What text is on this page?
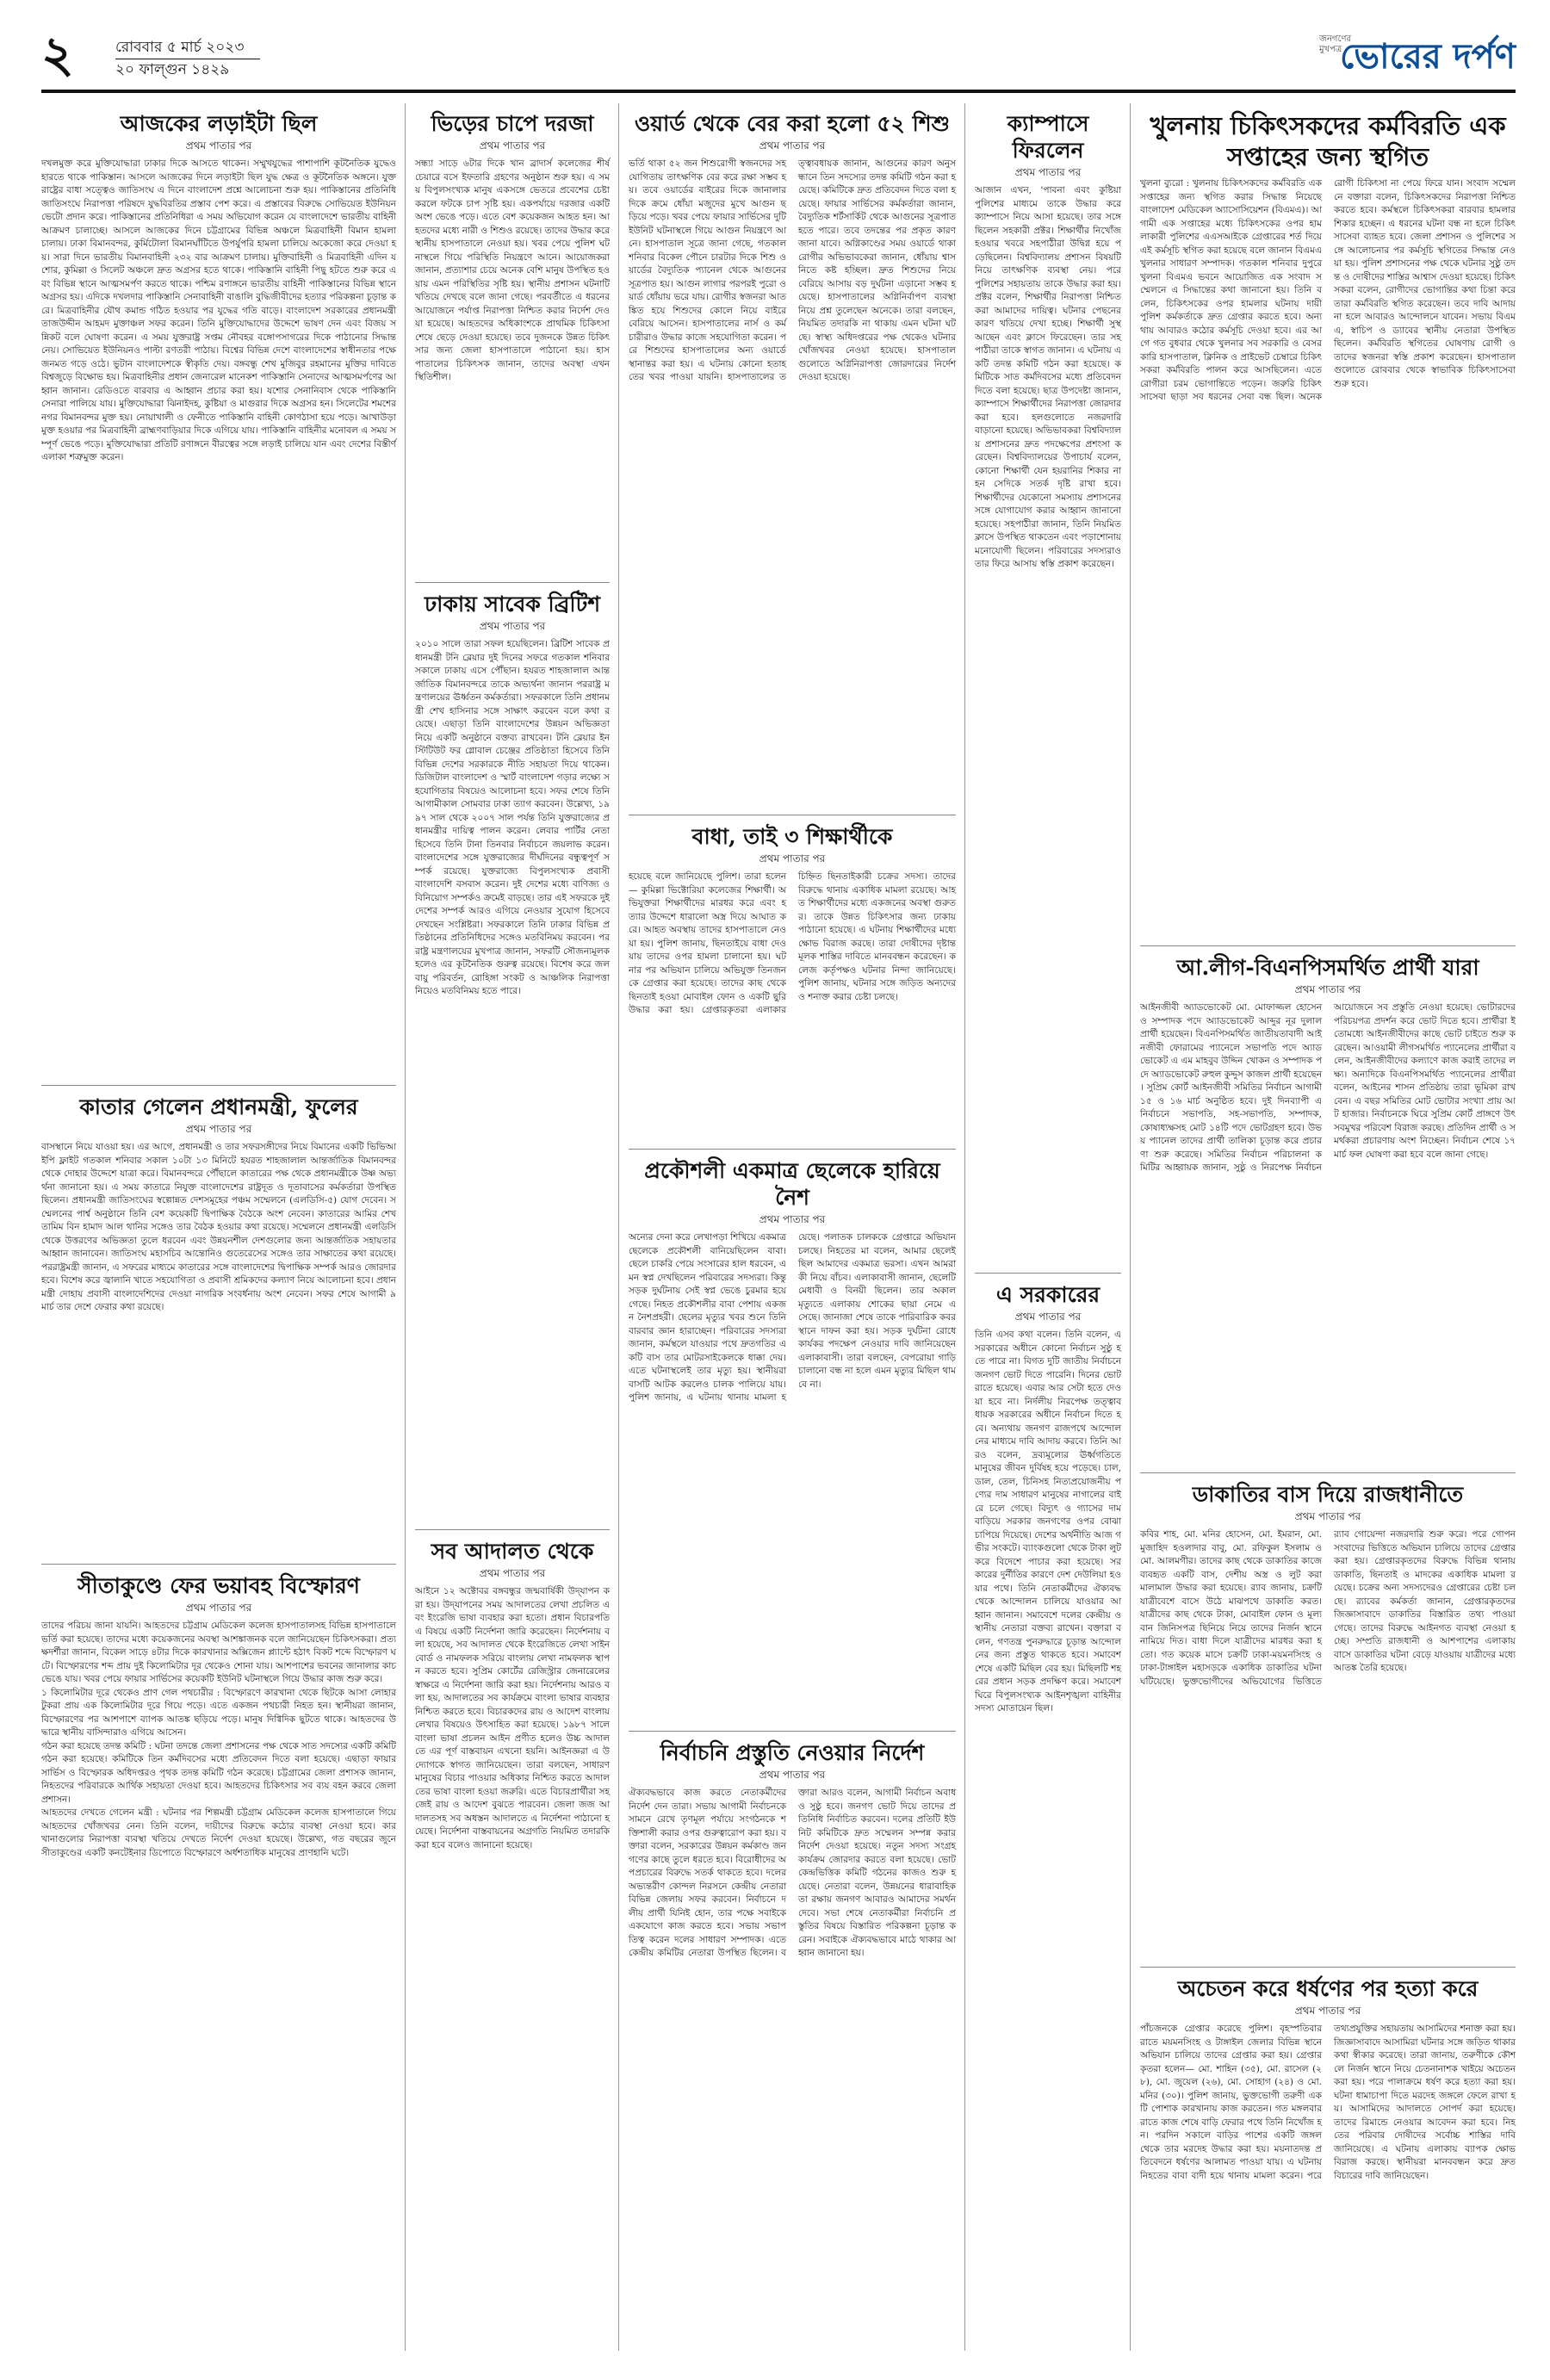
২	রোববার ৫ মার্চ ২০২৩
২০ ফাল্গুন ১৪২৯
জনগণের মুখপত্র
ভোরের দর্পণ
আজকের লড়াইটা ছিল
প্রথম পাতার পর
দখলমুক্ত করে মুক্তিযোদ্ধারা ঢাকার দিকে আসতে থাকেন। সম্মুখযুদ্ধের পাশাপাশি কূটনৈতিক যুদ্ধেও হারতে থাকে পাকিস্তান। আসলে আজকের দিনে লড়াইটা ছিল যুদ্ধ ক্ষেত্র ও কূটনৈতিক অঙ্গনে। যুক্তরাষ্ট্রের বাধা সত্ত্বেও জাতিসংঘ এ দিনে বাংলাদেশ প্রশ্নে আলোচনা শুরু হয়। পাকিস্তানের প্রতিনিধি জাতিসংঘে নিরাপত্তা পরিষদে যুদ্ধবিরতির প্রস্তাব পেশ করে। এ প্রস্তাবের বিরুদ্ধে সোভিয়েত ইউনিয়ন ভেটো প্রদান করে। পাকিস্তানের প্রতিনিধিরা এ সময় অভিযোগ করেন যে বাংলাদেশে ভারতীয় বাহিনী আক্রমণ চালাচ্ছে। আসলে আজকের দিনে চট্টগ্রামের বিভিন্ন অঞ্চলে মিত্রবাহিনী বিমান হামলা চালায়। ঢাকা বিমানবন্দর, কুর্মিটোলা বিমানঘাঁটিতে উপর্যুপরি হামলা চালিয়ে অকেজো করে দেওয়া হয়। সারা দিনে ভারতীয় বিমানবাহিনী ২৩২ বার আক্রমণ চালায়। মুক্তিবাহিনী ও মিত্রবাহিনী এদিন যশোর, কুমিল্লা ও সিলেট অঞ্চলে দ্রুত অগ্রসর হতে থাকে। পাকিস্তানি বাহিনী পিছু হটতে শুরু করে এবং বিভিন্ন স্থানে আত্মসমর্পণ করতে থাকে। পশ্চিম রণাঙ্গনে ভারতীয় বাহিনী পাকিস্তানের বিভিন্ন স্থানে অগ্রসর হয়। এদিকে দখলদার পাকিস্তানি সেনাবাহিনী বাঙালি বুদ্ধিজীবীদের হত্যার পরিকল্পনা চূড়ান্ত করে। মিত্রবাহিনীর যৌথ কমান্ড গঠিত হওয়ার পর যুদ্ধের গতি বাড়ে। বাংলাদেশ সরকারের প্রধানমন্ত্রী তাজউদ্দীন আহমদ মুক্তাঞ্চল সফর করেন। তিনি মুক্তিযোদ্ধাদের উদ্দেশে ভাষণ দেন এবং বিজয় সন্নিকট বলে ঘোষণা করেন। এ সময় যুক্তরাষ্ট্র সপ্তম নৌবহর বঙ্গোপসাগরের দিকে পাঠানোর সিদ্ধান্ত নেয়। সোভিয়েত ইউনিয়নও পাল্টা রণতরী পাঠায়। বিশ্বের বিভিন্ন দেশে বাংলাদেশের স্বাধীনতার পক্ষে জনমত গড়ে ওঠে। ভুটান বাংলাদেশকে স্বীকৃতি দেয়। বঙ্গবন্ধু শেখ মুজিবুর রহমানের মুক্তির দাবিতে বিশ্বজুড়ে বিক্ষোভ হয়। মিত্রবাহিনীর প্রধান জেনারেল মানেকশ পাকিস্তানি সেনাদের আত্মসমর্পণের আহ্বান জানান। রেডিওতে বারবার এ আহ্বান প্রচার করা হয়। যশোর সেনানিবাস থেকে পাকিস্তানি সেনারা পালিয়ে যায়। মুক্তিযোদ্ধারা ঝিনাইদহ, কুষ্টিয়া ও মাগুরার দিকে অগ্রসর হন। সিলেটের শমশেরনগর বিমানবন্দর মুক্ত হয়। নোয়াখালী ও ফেনীতে পাকিস্তানি বাহিনী কোণঠাসা হয়ে পড়ে। আখাউড়া মুক্ত হওয়ার পর মিত্রবাহিনী ব্রাহ্মণবাড়িয়ার দিকে এগিয়ে যায়। পাকিস্তানি বাহিনীর মনোবল এ সময় সম্পূর্ণ ভেঙে পড়ে। মুক্তিযোদ্ধারা প্রতিটি রণাঙ্গনে বীরত্বের সঙ্গে লড়াই চালিয়ে যান এবং দেশের বিস্তীর্ণ এলাকা শত্রুমুক্ত করেন।
কাতার গেলেন প্রধানমন্ত্রী, ফুলের
প্রথম পাতার পর
বাসস্থানে নিয়ে যাওয়া হয়। এর আগে, প্রধানমন্ত্রী ও তার সফরসঙ্গীদের নিয়ে বিমানের একটি ভিভিআইপি ফ্লাইট গতকাল শনিবার সকাল ১০টা ১৩ মিনিটে হযরত শাহজালাল আন্তর্জাতিক বিমানবন্দর থেকে দোহার উদ্দেশে যাত্রা করে। বিমানবন্দরে পৌঁছালে কাতারের পক্ষ থেকে প্রধানমন্ত্রীকে উষ্ণ অভ্যর্থনা জানানো হয়। এ সময় কাতারে নিযুক্ত বাংলাদেশের রাষ্ট্রদূত ও দূতাবাসের কর্মকর্তারা উপস্থিত ছিলেন। প্রধানমন্ত্রী জাতিসংঘের স্বল্পোন্নত দেশসমূহের পঞ্চম সম্মেলনে (এলডিসি-৫) যোগ দেবেন। সম্মেলনের পার্শ্ব অনুষ্ঠানে তিনি বেশ কয়েকটি দ্বিপাক্ষিক বৈঠকে অংশ নেবেন। কাতারের আমির শেখ তামিম বিন হামাদ আল থানির সঙ্গেও তার বৈঠক হওয়ার কথা রয়েছে। সম্মেলনে প্রধানমন্ত্রী এলডিসি থেকে উত্তরণের অভিজ্ঞতা তুলে ধরবেন এবং উন্নয়নশীল দেশগুলোর জন্য আন্তর্জাতিক সহায়তার আহ্বান জানাবেন। জাতিসংঘ মহাসচিব আন্তোনিও গুতেরেসের সঙ্গেও তার সাক্ষাতের কথা রয়েছে। পররাষ্ট্রমন্ত্রী জানান, এ সফরের মাধ্যমে কাতারের সঙ্গে বাংলাদেশের দ্বিপাক্ষিক সম্পর্ক আরও জোরদার হবে। বিশেষ করে জ্বালানি খাতে সহযোগিতা ও প্রবাসী শ্রমিকদের কল্যাণ নিয়ে আলোচনা হবে। প্রধানমন্ত্রী দোহায় প্রবাসী বাংলাদেশিদের দেওয়া নাগরিক সংবর্ধনায় অংশ নেবেন। সফর শেষে আগামী ৯ মার্চ তার দেশে ফেরার কথা রয়েছে।
সীতাকুণ্ডে ফের ভয়াবহ বিস্ফোরণ
প্রথম পাতার পর
তাদের পরিচয় জানা যায়নি। আহতদের চট্টগ্রাম মেডিকেল কলেজ হাসপাতালসহ বিভিন্ন হাসপাতালে ভর্তি করা হয়েছে। তাদের মধ্যে কয়েকজনের অবস্থা আশঙ্কাজনক বলে জানিয়েছেন চিকিৎসকরা। প্রত্যক্ষদর্শীরা জানান, বিকেল সাড়ে ৪টার দিকে কারখানার অক্সিজেন প্ল্যান্টে হঠাৎ বিকট শব্দে বিস্ফোরণ ঘটে। বিস্ফোরণের শব্দ প্রায় দুই কিলোমিটার দূর থেকেও শোনা যায়। আশপাশের ভবনের জানালার কাচ ভেঙে যায়। খবর পেয়ে ফায়ার সার্ভিসের কয়েকটি ইউনিট ঘটনাস্থলে গিয়ে উদ্ধার কাজ শুরু করে।
১ কিলোমিটার দূরে থেকেও প্রাণ গেল পথচারীর : বিস্ফোরণে কারখানা থেকে ছিটকে আসা লোহার টুকরা প্রায় এক কিলোমিটার দূরে গিয়ে পড়ে। এতে একজন পথচারী নিহত হন। স্থানীয়রা জানান, বিস্ফোরণের পর আশপাশে ব্যাপক আতঙ্ক ছড়িয়ে পড়ে। মানুষ দিগ্বিদিক ছুটতে থাকে। আহতদের উদ্ধারে স্থানীয় বাসিন্দারাও এগিয়ে আসেন।
গঠন করা হয়েছে তদন্ত কমিটি : ঘটনা তদন্তে জেলা প্রশাসনের পক্ষ থেকে সাত সদস্যের একটি কমিটি গঠন করা হয়েছে। কমিটিকে তিন কর্মদিবসের মধ্যে প্রতিবেদন দিতে বলা হয়েছে। এছাড়া ফায়ার সার্ভিস ও বিস্ফোরক অধিদপ্তরও পৃথক তদন্ত কমিটি গঠন করেছে। চট্টগ্রামের জেলা প্রশাসক জানান, নিহতদের পরিবারকে আর্থিক সহায়তা দেওয়া হবে। আহতদের চিকিৎসার সব ব্যয় বহন করবে জেলা প্রশাসন।
আহতদের দেখতে গেলেন মন্ত্রী : ঘটনার পর শিল্পমন্ত্রী চট্টগ্রাম মেডিকেল কলেজ হাসপাতালে গিয়ে আহতদের খোঁজখবর নেন। তিনি বলেন, দায়ীদের বিরুদ্ধে কঠোর ব্যবস্থা নেওয়া হবে। কারখানাগুলোর নিরাপত্তা ব্যবস্থা খতিয়ে দেখতে নির্দেশ দেওয়া হয়েছে। উল্লেখ্য, গত বছরের জুনে সীতাকুণ্ডের একটি কনটেইনার ডিপোতে বিস্ফোরণে অর্ধশতাধিক মানুষের প্রাণহানি ঘটে।
ভিড়ের চাপে দরজা
প্রথম পাতার পর
সন্ধ্যা সাড়ে ৬টার দিকে খান ব্রাদার্স কলেজের শীর্ষচেয়ারে বসে ইফতারি গ্রহণের অনুষ্ঠান শুরু হয়। এ সময় বিপুলসংখ্যক মানুষ একসঙ্গে ভেতরে প্রবেশের চেষ্টা করলে ফটকে চাপ সৃষ্টি হয়। একপর্যায়ে দরজার একটি অংশ ভেঙে পড়ে। এতে বেশ কয়েকজন আহত হন। আহতদের মধ্যে নারী ও শিশুও রয়েছে। তাদের উদ্ধার করে স্থানীয় হাসপাতালে নেওয়া হয়। খবর পেয়ে পুলিশ ঘটনাস্থলে গিয়ে পরিস্থিতি নিয়ন্ত্রণে আনে। আয়োজকরা জানান, প্রত্যাশার চেয়ে অনেক বেশি মানুষ উপস্থিত হওয়ায় এমন পরিস্থিতির সৃষ্টি হয়। স্থানীয় প্রশাসন ঘটনাটি খতিয়ে দেখছে বলে জানা গেছে। পরবর্তীতে এ ধরনের আয়োজনে পর্যাপ্ত নিরাপত্তা নিশ্চিত করার নির্দেশ দেওয়া হয়েছে। আহতদের অধিকাংশকে প্রাথমিক চিকিৎসা শেষে ছেড়ে দেওয়া হয়েছে। তবে দুজনকে উন্নত চিকিৎসার জন্য জেলা হাসপাতালে পাঠানো হয়। হাসপাতালের চিকিৎসক জানান, তাদের অবস্থা এখন স্থিতিশীল।
ঢাকায় সাবেক ব্রিটিশ
প্রথম পাতার পর
২০১০ সালে তারা সফল হয়েছিলেন। ব্রিটিশ সাবেক প্রধানমন্ত্রী টনি ব্লেয়ার দুই দিনের সফরে গতকাল শনিবার সকালে ঢাকায় এসে পৌঁছান। হযরত শাহজালাল আন্তর্জাতিক বিমানবন্দরে তাকে অভ্যর্থনা জানান পররাষ্ট্র মন্ত্রণালয়ের ঊর্ধ্বতন কর্মকর্তারা। সফরকালে তিনি প্রধানমন্ত্রী শেখ হাসিনার সঙ্গে সাক্ষাৎ করবেন বলে কথা রয়েছে। এছাড়া তিনি বাংলাদেশের উন্নয়ন অভিজ্ঞতা নিয়ে একটি অনুষ্ঠানে বক্তব্য রাখবেন। টনি ব্লেয়ার ইনস্টিটিউট ফর গ্লোবাল চেঞ্জের প্রতিষ্ঠাতা হিসেবে তিনি বিভিন্ন দেশের সরকারকে নীতি সহায়তা দিয়ে থাকেন। ডিজিটাল বাংলাদেশ ও স্মার্ট বাংলাদেশ গড়ার লক্ষ্যে সহযোগিতার বিষয়েও আলোচনা হবে। সফর শেষে তিনি আগামীকাল সোমবার ঢাকা ত্যাগ করবেন। উল্লেখ্য, ১৯৯৭ সাল থেকে ২০০৭ সাল পর্যন্ত তিনি যুক্তরাজ্যের প্রধানমন্ত্রীর দায়িত্ব পালন করেন। লেবার পার্টির নেতা হিসেবে তিনি টানা তিনবার নির্বাচনে জয়লাভ করেন। বাংলাদেশের সঙ্গে যুক্তরাজ্যের দীর্ঘদিনের বন্ধুত্বপূর্ণ সম্পর্ক রয়েছে। যুক্তরাজ্যে বিপুলসংখ্যক প্রবাসী বাংলাদেশি বসবাস করেন। দুই দেশের মধ্যে বাণিজ্য ও বিনিয়োগ সম্পর্কও ক্রমেই বাড়ছে। তার এই সফরকে দুই দেশের সম্পর্ক আরও এগিয়ে নেওয়ার সুযোগ হিসেবে দেখছেন সংশ্লিষ্টরা। সফরকালে তিনি ঢাকার বিভিন্ন প্রতিষ্ঠানের প্রতিনিধিদের সঙ্গেও মতবিনিময় করবেন। পররাষ্ট্র মন্ত্রণালয়ের মুখপাত্র জানান, সফরটি সৌজন্যমূলক হলেও এর কূটনৈতিক গুরুত্ব রয়েছে। বিশেষ করে জলবায়ু পরিবর্তন, রোহিঙ্গা সংকট ও আঞ্চলিক নিরাপত্তা নিয়েও মতবিনিময় হতে পারে।
সব আদালত থেকে
প্রথম পাতার পর
আইনে ১২ অক্টোবর বঙ্গবন্ধুর জন্মবার্ষিকী উদ্‌যাপন করা হয়। উদ্‌যাপনের সময় আদালতের লেখা প্রচলিত এবং ইংরেজি ভাষা ব্যবহার করা হতো। প্রধান বিচারপতি এ বিষয়ে একটি নির্দেশনা জারি করেছেন। নির্দেশনায় বলা হয়েছে, সব আদালত থেকে ইংরেজিতে লেখা সাইনবোর্ড ও নামফলক সরিয়ে বাংলায় লেখা নামফলক স্থাপন করতে হবে। সুপ্রিম কোর্টের রেজিস্ট্রার জেনারেলের স্বাক্ষরে এ নির্দেশনা জারি করা হয়। নির্দেশনায় আরও বলা হয়, আদালতের সব কার্যক্রমে বাংলা ভাষার ব্যবহার নিশ্চিত করতে হবে। বিচারকদের রায় ও আদেশ বাংলায় লেখার বিষয়েও উৎসাহিত করা হয়েছে। ১৯৮৭ সালে বাংলা ভাষা প্রচলন আইন প্রণীত হলেও উচ্চ আদালতে এর পূর্ণ বাস্তবায়ন এখনো হয়নি। আইনজ্ঞরা এ উদ্যোগকে স্বাগত জানিয়েছেন। তারা বলছেন, সাধারণ মানুষের বিচার পাওয়ার অধিকার নিশ্চিত করতে আদালতের ভাষা বাংলা হওয়া জরুরি। এতে বিচারপ্রার্থীরা সহজেই রায় ও আদেশ বুঝতে পারবেন। জেলা জজ আদালতসহ সব অধস্তন আদালতে এ নির্দেশনা পাঠানো হয়েছে। নির্দেশনা বাস্তবায়নের অগ্রগতি নিয়মিত তদারকি করা হবে বলেও জানানো হয়েছে।
ওয়ার্ড থেকে বের করা হলো ৫২ শিশু
প্রথম পাতার পর
ভর্তি থাকা ৫২ জন শিশুরোগী স্বজনদের সহযোগিতায় তাৎক্ষণিক বের করে রক্ষা সম্ভব হয়। তবে ওয়ার্ডের বাইরের দিকে জানালার দিকে ক্রমে ধোঁয়া মজুদের মুখে আগুন ছড়িয়ে পড়ে। খবর পেয়ে ফায়ার সার্ভিসের দুটি ইউনিট ঘটনাস্থলে গিয়ে আগুন নিয়ন্ত্রণে আনে। হাসপাতাল সূত্রে জানা গেছে, গতকাল শনিবার বিকেল পৌনে চারটার দিকে শিশু ওয়ার্ডের বৈদ্যুতিক প্যানেল থেকে আগুনের সূত্রপাত হয়। আগুন লাগার পরপরই পুরো ওয়ার্ড ধোঁয়ায় ভরে যায়। রোগীর স্বজনরা আতঙ্কিত হয়ে শিশুদের কোলে নিয়ে বাইরে বেরিয়ে আসেন। হাসপাতালের নার্স ও কর্মচারীরাও উদ্ধার কাজে সহযোগিতা করেন। পরে শিশুদের হাসপাতালের অন্য ওয়ার্ডে স্থানান্তর করা হয়। এ ঘটনায় কোনো হতাহতের খবর পাওয়া যায়নি। হাসপাতালের তত্ত্বাবধায়ক জানান, আগুনের কারণ অনুসন্ধানে তিন সদস্যের তদন্ত কমিটি গঠন করা হয়েছে। কমিটিকে দ্রুত প্রতিবেদন দিতে বলা হয়েছে। ফায়ার সার্ভিসের কর্মকর্তারা জানান, বৈদ্যুতিক শর্টসার্কিট থেকে আগুনের সূত্রপাত হতে পারে। তবে তদন্তের পর প্রকৃত কারণ জানা যাবে। অগ্নিকাণ্ডের সময় ওয়ার্ডে থাকা রোগীর অভিভাবকেরা জানান, ধোঁয়ায় শ্বাস নিতে কষ্ট হচ্ছিল। দ্রুত শিশুদের নিয়ে বেরিয়ে আসায় বড় দুর্ঘটনা এড়ানো সম্ভব হয়েছে। হাসপাতালের অগ্নিনির্বাপণ ব্যবস্থা নিয়ে প্রশ্ন তুলেছেন অনেকে। তারা বলছেন, নিয়মিত তদারকি না থাকায় এমন ঘটনা ঘটছে। স্বাস্থ্য অধিদপ্তরের পক্ষ থেকেও ঘটনার খোঁজখবর নেওয়া হয়েছে। হাসপাতালগুলোতে অগ্নিনিরাপত্তা জোরদারের নির্দেশ দেওয়া হয়েছে।
বাধা, তাই ৩ শিক্ষার্থীকে
প্রথম পাতার পর
হয়েছে বলে জানিয়েছে পুলিশ। তারা হলেন— কুমিল্লা ভিক্টোরিয়া কলেজের শিক্ষার্থী। অভিযুক্তরা শিক্ষার্থীদের মারধর করে এবং হত্যার উদ্দেশে ধারালো অস্ত্র দিয়ে আঘাত করে। আহত অবস্থায় তাদের হাসপাতালে নেওয়া হয়। পুলিশ জানায়, ছিনতাইয়ে বাধা দেওয়ায় তাদের ওপর হামলা চালানো হয়। ঘটনার পর অভিযান চালিয়ে অভিযুক্ত তিনজনকে গ্রেপ্তার করা হয়েছে। তাদের কাছ থেকে ছিনতাই হওয়া মোবাইল ফোন ও একটি ছুরি উদ্ধার করা হয়। গ্রেপ্তারকৃতরা এলাকার চিহ্নিত ছিনতাইকারী চক্রের সদস্য। তাদের বিরুদ্ধে থানায় একাধিক মামলা রয়েছে। আহত শিক্ষার্থীদের মধ্যে একজনের অবস্থা গুরুতর। তাকে উন্নত চিকিৎসার জন্য ঢাকায় পাঠানো হয়েছে। এ ঘটনায় শিক্ষার্থীদের মধ্যে ক্ষোভ বিরাজ করছে। তারা দোষীদের দৃষ্টান্তমূলক শাস্তির দাবিতে মানববন্ধন করেছেন। কলেজ কর্তৃপক্ষও ঘটনার নিন্দা জানিয়েছে। পুলিশ জানায়, ঘটনার সঙ্গে জড়িত অন্যদেরও শনাক্ত করার চেষ্টা চলছে।
প্রকৌশলী একমাত্র ছেলেকে হারিয়ে নৈশ
প্রথম পাতার পর
অন্যের দেনা করে লেখাপড়া শিখিয়ে একমাত্র ছেলেকে প্রকৌশলী বানিয়েছিলেন বাবা। ছেলে চাকরি পেয়ে সংসারের হাল ধরবেন, এমন স্বপ্ন দেখছিলেন পরিবারের সদস্যরা। কিন্তু সড়ক দুর্ঘটনায় সেই স্বপ্ন ভেঙে চুরমার হয়ে গেছে। নিহত প্রকৌশলীর বাবা পেশায় একজন নৈশপ্রহরী। ছেলের মৃত্যুর খবর শুনে তিনি বারবার জ্ঞান হারাচ্ছেন। পরিবারের সদস্যরা জানান, কর্মস্থলে যাওয়ার পথে দ্রুতগতির একটি বাস তার মোটরসাইকেলকে ধাক্কা দেয়। এতে ঘটনাস্থলেই তার মৃত্যু হয়। স্থানীয়রা বাসটি আটক করলেও চালক পালিয়ে যায়। পুলিশ জানায়, এ ঘটনায় থানায় মামলা হয়েছে। পলাতক চালককে গ্রেপ্তারে অভিযান চলছে। নিহতের মা বলেন, আমার ছেলেই ছিল আমাদের একমাত্র ভরসা। এখন আমরা কী নিয়ে বাঁচব। এলাকাবাসী জানান, ছেলেটি মেধাবী ও বিনয়ী ছিলেন। তার অকাল মৃত্যুতে এলাকায় শোকের ছায়া নেমে এসেছে। জানাজা শেষে তাকে পারিবারিক কবরস্থানে দাফন করা হয়। সড়ক দুর্ঘটনা রোধে কার্যকর পদক্ষেপ নেওয়ার দাবি জানিয়েছেন এলাকাবাসী। তারা বলছেন, বেপরোয়া গাড়ি চালানো বন্ধ না হলে এমন মৃত্যুর মিছিল থামবে না।
নির্বাচনি প্রস্তুতি নেওয়ার নির্দেশ
প্রথম পাতার পর
ঐক্যবদ্ধভাবে কাজ করতে নেতাকর্মীদের নির্দেশ দেন তারা। সভায় আগামী নির্বাচনকে সামনে রেখে তৃণমূল পর্যায়ে সংগঠনকে শক্তিশালী করার ওপর গুরুত্বারোপ করা হয়। বক্তারা বলেন, সরকারের উন্নয়ন কর্মকাণ্ড জনগণের কাছে তুলে ধরতে হবে। বিরোধীদের অপপ্রচারের বিরুদ্ধে সতর্ক থাকতে হবে। দলের অভ্যন্তরীণ কোন্দল নিরসনে কেন্দ্রীয় নেতারা বিভিন্ন জেলায় সফর করবেন। নির্বাচনে দলীয় প্রার্থী যিনিই হোন, তার পক্ষে সবাইকে একযোগে কাজ করতে হবে। সভায় সভাপতিত্ব করেন দলের সাধারণ সম্পাদক। এতে কেন্দ্রীয় কমিটির নেতারা উপস্থিত ছিলেন। বক্তারা আরও বলেন, আগামী নির্বাচন অবাধ ও সুষ্ঠু হবে। জনগণ ভোট দিয়ে তাদের প্রতিনিধি নির্বাচিত করবেন। দলের প্রতিটি ইউনিট কমিটিকে দ্রুত সম্মেলন সম্পন্ন করার নির্দেশ দেওয়া হয়েছে। নতুন সদস্য সংগ্রহ কার্যক্রম জোরদার করতে বলা হয়েছে। ভোটকেন্দ্রভিত্তিক কমিটি গঠনের কাজও শুরু হয়েছে। নেতারা বলেন, উন্নয়নের ধারাবাহিকতা রক্ষায় জনগণ আবারও আমাদের সমর্থন দেবে। সভা শেষে নেতাকর্মীরা নির্বাচনি প্রস্তুতির বিষয়ে বিস্তারিত পরিকল্পনা চূড়ান্ত করেন। সবাইকে ঐক্যবদ্ধভাবে মাঠে থাকার আহ্বান জানানো হয়।
ক্যাম্পাসে ফিরলেন
প্রথম পাতার পর
আজান এখন, 'পাবনা এবং কুষ্টিয়া পুলিশের মাধ্যমে তাকে উদ্ধার করে ক্যাম্পাসে নিয়ে আসা হয়েছে। তার সঙ্গে ছিলেন সহকারী প্রক্টর। শিক্ষার্থীর নিখোঁজ হওয়ার খবরে সহপাঠীরা উদ্বিগ্ন হয়ে পড়েছিলেন। বিশ্ববিদ্যালয় প্রশাসন বিষয়টি নিয়ে তাৎক্ষণিক ব্যবস্থা নেয়। পরে পুলিশের সহায়তায় তাকে উদ্ধার করা হয়। প্রক্টর বলেন, শিক্ষার্থীর নিরাপত্তা নিশ্চিত করা আমাদের দায়িত্ব। ঘটনার পেছনের কারণ খতিয়ে দেখা হচ্ছে। শিক্ষার্থী সুস্থ আছেন এবং ক্লাসে ফিরেছেন। তার সহপাঠীরা তাকে স্বাগত জানান। এ ঘটনায় একটি তদন্ত কমিটি গঠন করা হয়েছে। কমিটিকে সাত কর্মদিবসের মধ্যে প্রতিবেদন দিতে বলা হয়েছে। ছাত্র উপদেষ্টা জানান, ক্যাম্পাসে শিক্ষার্থীদের নিরাপত্তা জোরদার করা হবে। হলগুলোতে নজরদারি বাড়ানো হয়েছে। অভিভাবকরা বিশ্ববিদ্যালয় প্রশাসনের দ্রুত পদক্ষেপের প্রশংসা করেছেন। বিশ্ববিদ্যালয়ের উপাচার্য বলেন, কোনো শিক্ষার্থী যেন হয়রানির শিকার না হন সেদিকে সতর্ক দৃষ্টি রাখা হবে। শিক্ষার্থীদের যেকোনো সমস্যায় প্রশাসনের সঙ্গে যোগাযোগ করার আহ্বান জানানো হয়েছে। সহপাঠীরা জানান, তিনি নিয়মিত ক্লাসে উপস্থিত থাকতেন এবং পড়াশোনায় মনোযোগী ছিলেন। পরিবারের সদস্যরাও তার ফিরে আসায় স্বস্তি প্রকাশ করেছেন।
এ সরকারের
প্রথম পাতার পর
তিনি এসব কথা বলেন। তিনি বলেন, এ সরকারের অধীনে কোনো নির্বাচন সুষ্ঠু হতে পারে না। বিগত দুটি জাতীয় নির্বাচনে জনগণ ভোট দিতে পারেনি। দিনের ভোট রাতে হয়েছে। এবার আর সেটা হতে দেওয়া হবে না। নির্দলীয় নিরপেক্ষ তত্ত্বাবধায়ক সরকারের অধীনে নির্বাচন দিতে হবে। অন্যথায় জনগণ রাজপথে আন্দোলনের মাধ্যমে দাবি আদায় করবে। তিনি আরও বলেন, দ্রব্যমূল্যের ঊর্ধ্বগতিতে মানুষের জীবন দুর্বিষহ হয়ে পড়েছে। চাল, ডাল, তেল, চিনিসহ নিত্যপ্রয়োজনীয় পণ্যের দাম সাধারণ মানুষের নাগালের বাইরে চলে গেছে। বিদ্যুৎ ও গ্যাসের দাম বাড়িয়ে সরকার জনগণের ওপর বোঝা চাপিয়ে দিয়েছে। দেশের অর্থনীতি আজ গভীর সংকটে। ব্যাংকগুলো থেকে টাকা লুট করে বিদেশে পাচার করা হয়েছে। সরকারের দুর্নীতির কারণে দেশ দেউলিয়া হওয়ার পথে। তিনি নেতাকর্মীদের ঐক্যবদ্ধ থেকে আন্দোলন চালিয়ে যাওয়ার আহ্বান জানান। সমাবেশে দলের কেন্দ্রীয় ও স্থানীয় নেতারা বক্তব্য রাখেন। বক্তারা বলেন, গণতন্ত্র পুনরুদ্ধারে চূড়ান্ত আন্দোলনের জন্য প্রস্তুত থাকতে হবে। সমাবেশ শেষে একটি মিছিল বের হয়। মিছিলটি শহরের প্রধান সড়ক প্রদক্ষিণ করে। সমাবেশ ঘিরে বিপুলসংখ্যক আইনশৃঙ্খলা বাহিনীর সদস্য মোতায়েন ছিল।
খুলনায় চিকিৎসকদের কর্মবিরতি এক সপ্তাহের জন্য স্থগিত
খুলনা ব্যুরো : খুলনায় চিকিৎসকদের কর্মবিরতি এক সপ্তাহের জন্য স্থগিত করার সিদ্ধান্ত নিয়েছে বাংলাদেশ মেডিকেল অ্যাসোসিয়েশন (বিএমএ)। আগামী এক সপ্তাহের মধ্যে চিকিৎসকের ওপর হামলাকারী পুলিশের এএসআইকে গ্রেপ্তারের শর্ত দিয়ে এই কর্মসূচি স্থগিত করা হয়েছে বলে জানান বিএমএ খুলনার সাধারণ সম্পাদক। গতকাল শনিবার দুপুরে খুলনা বিএমএ ভবনে আয়োজিত এক সংবাদ সম্মেলনে এ সিদ্ধান্তের কথা জানানো হয়। তিনি বলেন, চিকিৎসকের ওপর হামলার ঘটনায় দায়ী পুলিশ কর্মকর্তাকে দ্রুত গ্রেপ্তার করতে হবে। অন্যথায় আবারও কঠোর কর্মসূচি দেওয়া হবে। এর আগে গত বুধবার থেকে খুলনার সব সরকারি ও বেসরকারি হাসপাতাল, ক্লিনিক ও প্রাইভেট চেম্বারে চিকিৎসকরা কর্মবিরতি পালন করে আসছিলেন। এতে রোগীরা চরম ভোগান্তিতে পড়েন। জরুরি চিকিৎসাসেবা ছাড়া সব ধরনের সেবা বন্ধ ছিল। অনেক রোগী চিকিৎসা না পেয়ে ফিরে যান। সংবাদ সম্মেলনে বক্তারা বলেন, চিকিৎসকদের নিরাপত্তা নিশ্চিত করতে হবে। কর্মস্থলে চিকিৎসকরা বারবার হামলার শিকার হচ্ছেন। এ ধরনের ঘটনা বন্ধ না হলে চিকিৎসাসেবা ব্যাহত হবে। জেলা প্রশাসন ও পুলিশের সঙ্গে আলোচনার পর কর্মসূচি স্থগিতের সিদ্ধান্ত নেওয়া হয়। পুলিশ প্রশাসনের পক্ষ থেকে ঘটনার সুষ্ঠু তদন্ত ও দোষীদের শাস্তির আশ্বাস দেওয়া হয়েছে। চিকিৎসকরা বলেন, রোগীদের ভোগান্তির কথা চিন্তা করে তারা কর্মবিরতি স্থগিত করেছেন। তবে দাবি আদায় না হলে আবারও আন্দোলনে যাবেন। সভায় বিএমএ, স্বাচিপ ও ড্যাবের স্থানীয় নেতারা উপস্থিত ছিলেন। কর্মবিরতি স্থগিতের ঘোষণায় রোগী ও তাদের স্বজনরা স্বস্তি প্রকাশ করেছেন। হাসপাতালগুলোতে রোববার থেকে স্বাভাবিক চিকিৎসাসেবা শুরু হবে।
আ.লীগ-বিএনপিসমর্থিত প্রার্থী যারা
প্রথম পাতার পর
আইনজীবী অ্যাডভোকেট মো. মোফাজ্জল হোসেন ও সম্পাদক পদে অ্যাডভোকেট আব্দুর নূর দুলাল প্রার্থী হয়েছেন। বিএনপিসমর্থিত জাতীয়তাবাদী আইনজীবী ফোরামের প্যানেলে সভাপতি পদে অ্যাডভোকেট এ এম মাহবুব উদ্দিন খোকন ও সম্পাদক পদে অ্যাডভোকেট রুহুল কুদ্দুস কাজল প্রার্থী হয়েছেন। সুপ্রিম কোর্ট আইনজীবী সমিতির নির্বাচন আগামী ১৫ ও ১৬ মার্চ অনুষ্ঠিত হবে। দুই দিনব্যাপী এ নির্বাচনে সভাপতি, সহ-সভাপতি, সম্পাদক, কোষাধ্যক্ষসহ মোট ১৪টি পদে ভোটগ্রহণ হবে। উভয় প্যানেল তাদের প্রার্থী তালিকা চূড়ান্ত করে প্রচারণা শুরু করেছে। সমিতির নির্বাচন পরিচালনা কমিটির আহ্বায়ক জানান, সুষ্ঠু ও নিরপেক্ষ নির্বাচন আয়োজনে সব প্রস্তুতি নেওয়া হয়েছে। ভোটারদের পরিচয়পত্র প্রদর্শন করে ভোট দিতে হবে। প্রার্থীরা ইতোমধ্যে আইনজীবীদের কাছে ভোট চাইতে শুরু করেছেন। আওয়ামী লীগসমর্থিত প্যানেলের প্রার্থীরা বলেন, আইনজীবীদের কল্যাণে কাজ করাই তাদের লক্ষ্য। অন্যদিকে বিএনপিসমর্থিত প্যানেলের প্রার্থীরা বলেন, আইনের শাসন প্রতিষ্ঠায় তারা ভূমিকা রাখবেন। এ বছর সমিতির মোট ভোটার সংখ্যা প্রায় আট হাজার। নির্বাচনকে ঘিরে সুপ্রিম কোর্ট প্রাঙ্গণে উৎসবমুখর পরিবেশ বিরাজ করছে। প্রতিদিন প্রার্থী ও সমর্থকরা প্রচারণায় অংশ নিচ্ছেন। নির্বাচন শেষে ১৭ মার্চ ফল ঘোষণা করা হবে বলে জানা গেছে।
ডাকাতির বাস দিয়ে রাজধানীতে
প্রথম পাতার পর
কবির শাহ, মো. মনির হোসেন, মো. ইমরান, মো. মুজাহিদ হওলাদার বাবু, মো. রফিকুল ইসলাম ও মো. আলমগীর। তাদের কাছ থেকে ডাকাতির কাজে ব্যবহৃত একটি বাস, দেশীয় অস্ত্র ও লুট করা মালামাল উদ্ধার করা হয়েছে। র‍্যাব জানায়, চক্রটি যাত্রীবেশে বাসে উঠে মাঝপথে ডাকাতি করত। যাত্রীদের কাছ থেকে টাকা, মোবাইল ফোন ও মূল্যবান জিনিসপত্র ছিনিয়ে নিয়ে তাদের নির্জন স্থানে নামিয়ে দিত। বাধা দিলে যাত্রীদের মারধর করা হতো। গত কয়েক মাসে চক্রটি ঢাকা-ময়মনসিংহ ও ঢাকা-টাঙ্গাইল মহাসড়কে একাধিক ডাকাতির ঘটনা ঘটিয়েছে। ভুক্তভোগীদের অভিযোগের ভিত্তিতে র‍্যাব গোয়েন্দা নজরদারি শুরু করে। পরে গোপন সংবাদের ভিত্তিতে অভিযান চালিয়ে তাদের গ্রেপ্তার করা হয়। গ্রেপ্তারকৃতদের বিরুদ্ধে বিভিন্ন থানায় ডাকাতি, ছিনতাই ও মাদকের একাধিক মামলা রয়েছে। চক্রের অন্য সদস্যদেরও গ্রেপ্তারের চেষ্টা চলছে। র‍্যাবের কর্মকর্তা জানান, গ্রেপ্তারকৃতদের জিজ্ঞাসাবাদে ডাকাতির বিস্তারিত তথ্য পাওয়া গেছে। তাদের বিরুদ্ধে আইনগত ব্যবস্থা নেওয়া হচ্ছে। সম্প্রতি রাজধানী ও আশপাশের এলাকায় বাসে ডাকাতির ঘটনা বেড়ে যাওয়ায় যাত্রীদের মধ্যে আতঙ্ক তৈরি হয়েছে।
অচেতন করে ধর্ষণের পর হত্যা করে
প্রথম পাতার পর
পাঁচজনকে গ্রেপ্তার করেছে পুলিশ। বৃহস্পতিবার রাতে ময়মনসিংহ ও টাঙ্গাইল জেলার বিভিন্ন স্থানে অভিযান চালিয়ে তাদের গ্রেপ্তার করা হয়। গ্রেপ্তারকৃতরা হলেন— মো. শাহিন (৩৫), মো. রাসেল (২৮), মো. জুয়েল (২৬), মো. সোহাগ (২৪) ও মো. মনির (৩০)। পুলিশ জানায়, ভুক্তভোগী তরুণী একটি পোশাক কারখানায় কাজ করতেন। গত মঙ্গলবার রাতে কাজ শেষে বাড়ি ফেরার পথে তিনি নিখোঁজ হন। পরদিন সকালে বাড়ির পাশের একটি জঙ্গল থেকে তার মরদেহ উদ্ধার করা হয়। ময়নাতদন্ত প্রতিবেদনে ধর্ষণের আলামত পাওয়া যায়। এ ঘটনায় নিহতের বাবা বাদী হয়ে থানায় মামলা করেন। পরে তথ্যপ্রযুক্তির সহায়তায় আসামিদের শনাক্ত করা হয়। জিজ্ঞাসাবাদে আসামিরা ঘটনার সঙ্গে জড়িত থাকার কথা স্বীকার করেছে। তারা জানায়, তরুণীকে কৌশলে নির্জন স্থানে নিয়ে চেতনানাশক খাইয়ে অচেতন করা হয়। পরে পালাক্রমে ধর্ষণ করে হত্যা করা হয়। ঘটনা ধামাচাপা দিতে মরদেহ জঙ্গলে ফেলে রাখা হয়। আসামিদের আদালতে সোপর্দ করা হয়েছে। তাদের রিমান্ডে নেওয়ার আবেদন করা হবে। নিহতের পরিবার দোষীদের সর্বোচ্চ শাস্তির দাবি জানিয়েছে। এ ঘটনায় এলাকায় ব্যাপক ক্ষোভ বিরাজ করছে। স্থানীয়রা মানববন্ধন করে দ্রুত বিচারের দাবি জানিয়েছেন।
